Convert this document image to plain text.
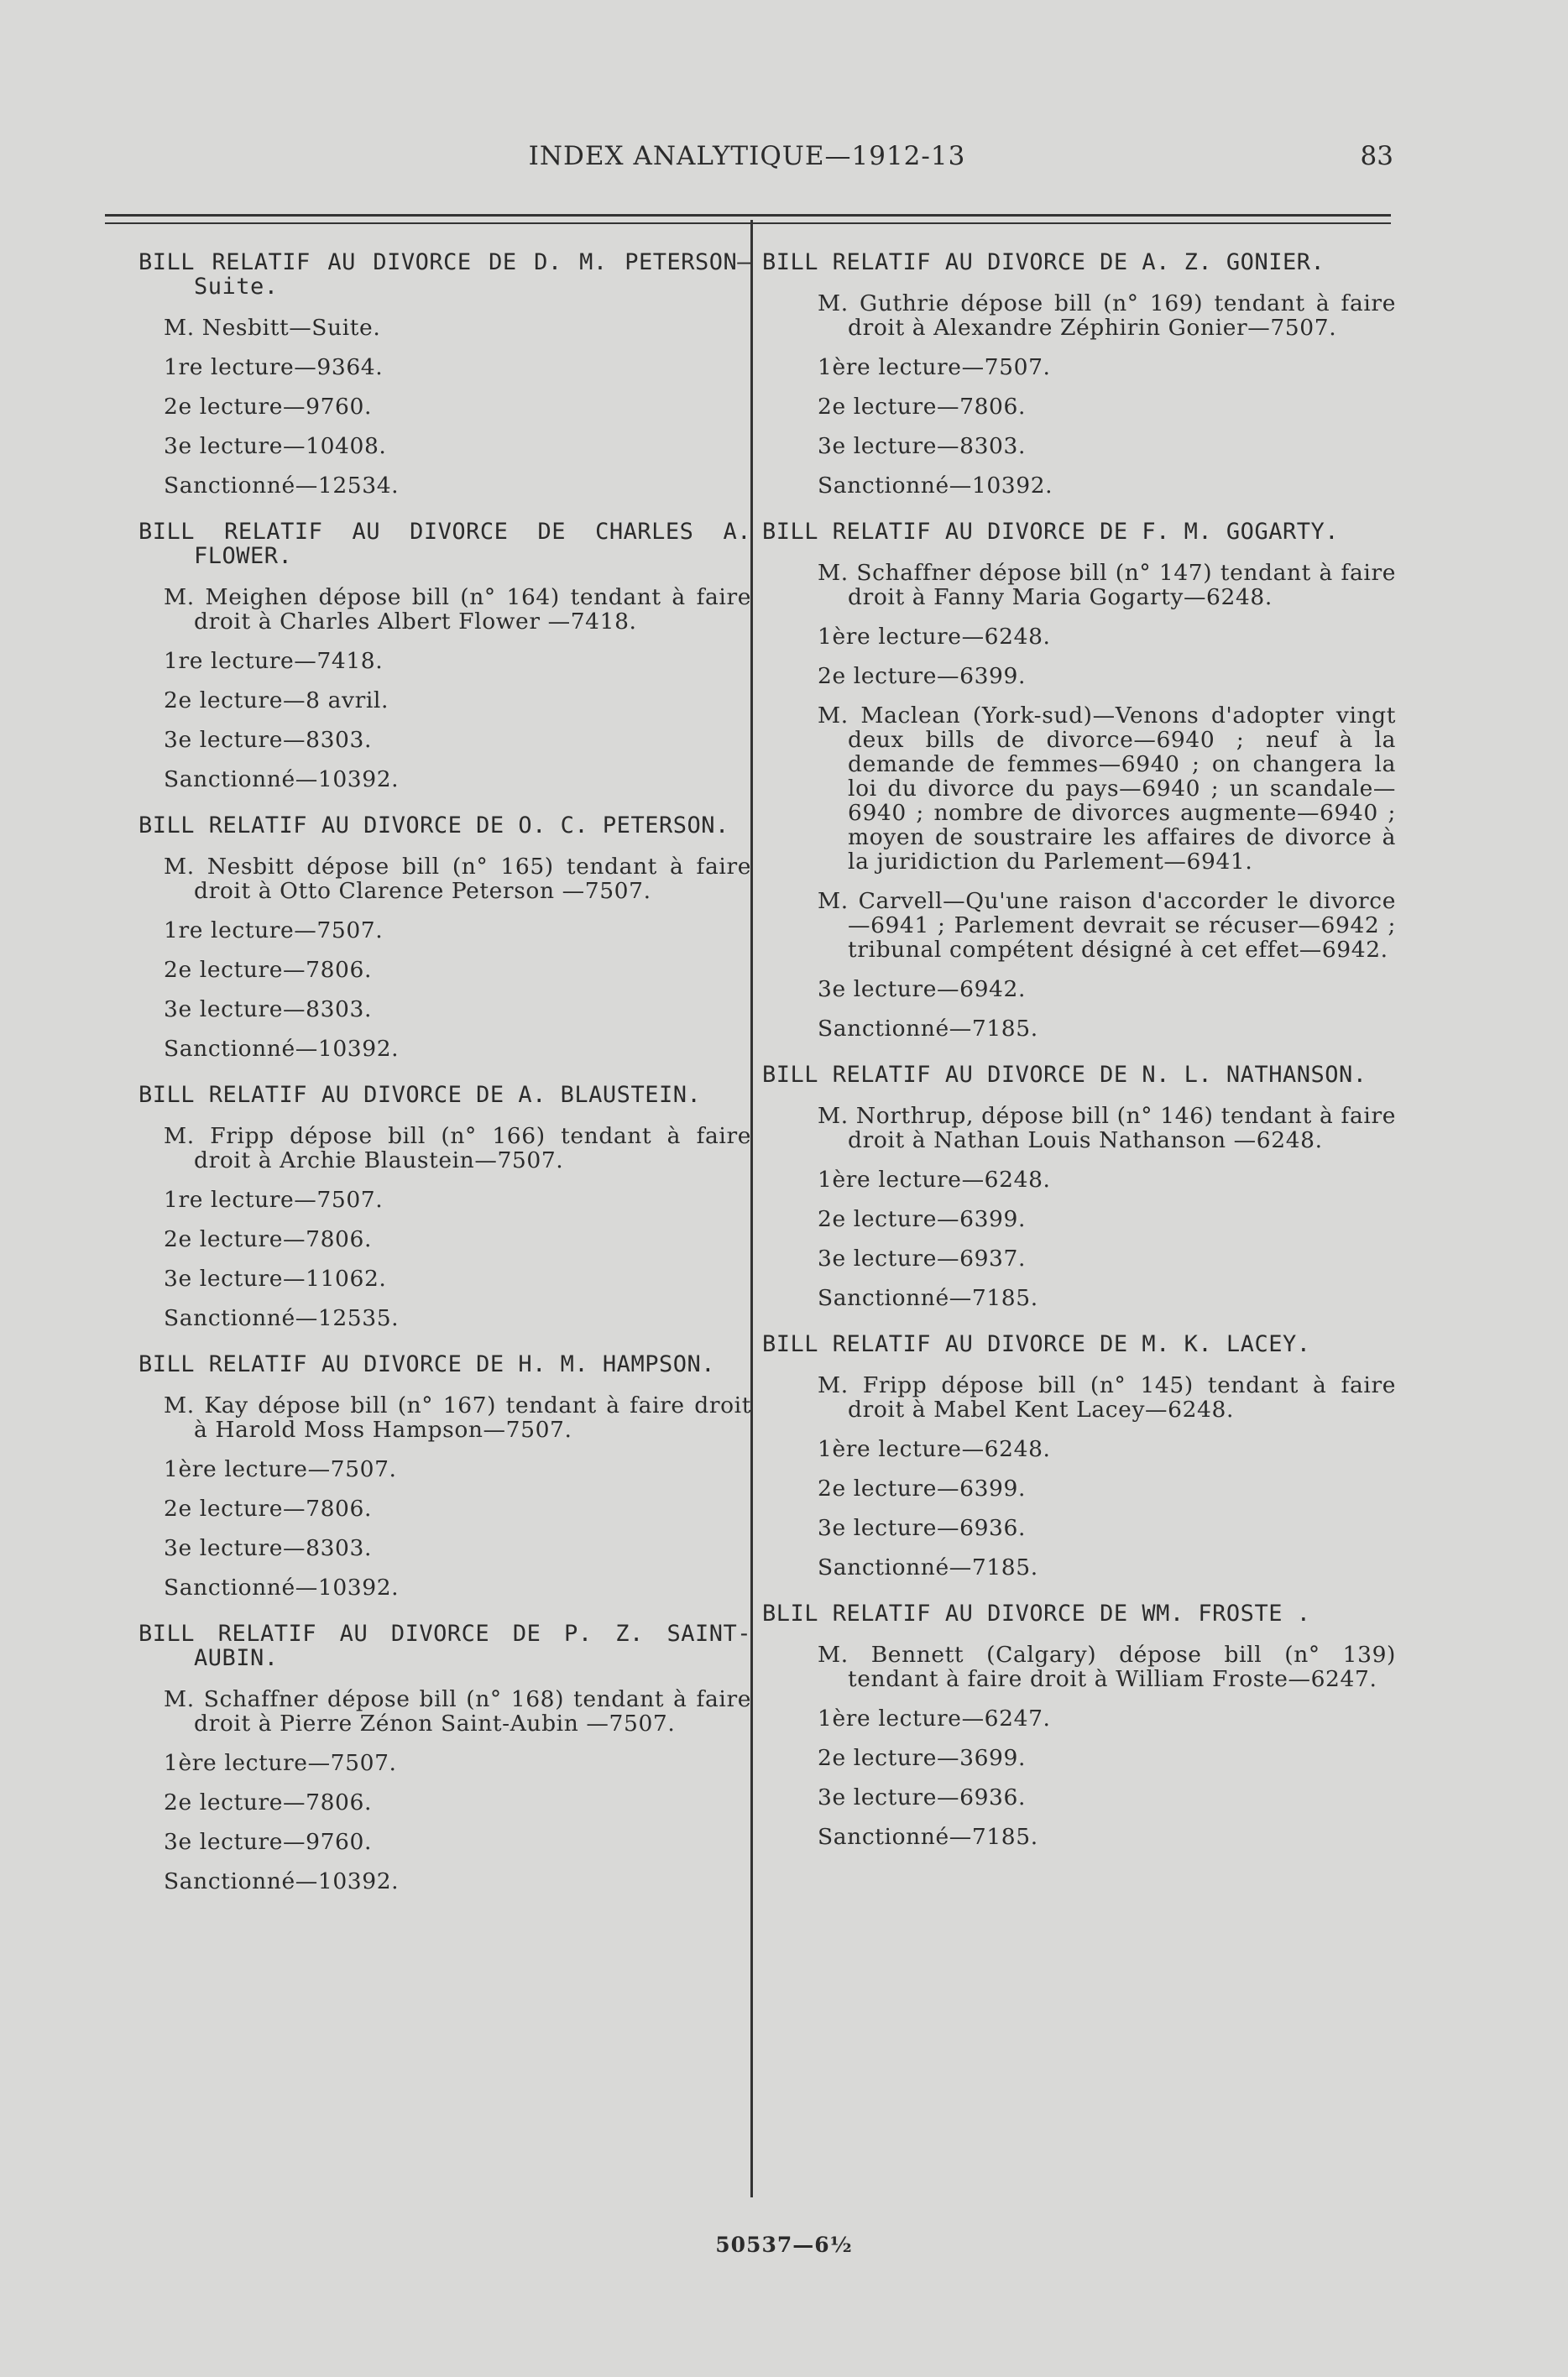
INDEX ANALYTIQUE—1912-13	83
BILL RELATIF AU DIVORCE DE D. M. PETERSON—Suite.
M. Nesbitt—Suite.
1re lecture—9364.
2e lecture—9760.
3e lecture—10408.
Sanctionné—12534.
BILL RELATIF AU DIVORCE DE CHARLES A. FLOWER.
M. Meighen dépose bill (n° 164) tendant à faire droit à Charles Albert Flower —7418.
1re lecture—7418.
2e lecture—8 avril.
3e lecture—8303.
Sanctionné—10392.
BILL RELATIF AU DIVORCE DE O. C. PETERSON.
M. Nesbitt dépose bill (n° 165) tendant à faire droit à Otto Clarence Peterson —7507.
1re lecture—7507.
2e lecture—7806.
3e lecture—8303.
Sanctionné—10392.
BILL RELATIF AU DIVORCE DE A. BLAUSTEIN.
M. Fripp dépose bill (n° 166) tendant à faire droit à Archie Blaustein—7507.
1re lecture—7507.
2e lecture—7806.
3e lecture—11062.
Sanctionné—12535.
BILL RELATIF AU DIVORCE DE H. M. HAMPSON.
M. Kay dépose bill (n° 167) tendant à faire droit à Harold Moss Hampson—7507.
1ère lecture—7507.
2e lecture—7806.
3e lecture—8303.
Sanctionné—10392.
BILL RELATIF AU DIVORCE DE P. Z. SAINT-AUBIN.
M. Schaffner dépose bill (n° 168) tendant à faire droit à Pierre Zénon Saint-Aubin —7507.
1ère lecture—7507.
2e lecture—7806.
3e lecture—9760.
Sanctionné—10392.
BILL RELATIF AU DIVORCE DE A. Z. GONIER.
M. Guthrie dépose bill (n° 169) tendant à faire droit à Alexandre Zéphirin Gonier—7507.
1ère lecture—7507.
2e lecture—7806.
3e lecture—8303.
Sanctionné—10392.
BILL RELATIF AU DIVORCE DE F. M. GOGARTY.
M. Schaffner dépose bill (n° 147) tendant à faire droit à Fanny Maria Gogarty—6248.
1ère lecture—6248.
2e lecture—6399.
M. Maclean (York-sud)—Venons d'adopter vingt deux bills de divorce—6940 ; neuf à la demande de femmes—6940 ; on changera la loi du divorce du pays—6940 ; un scandale—6940 ; nombre de divorces augmente—6940 ; moyen de soustraire les affaires de divorce à la juridiction du Parlement—6941.
M. Carvell—Qu'une raison d'accorder le divorce—6941 ; Parlement devrait se récuser—6942 ; tribunal compétent désigné à cet effet—6942.
3e lecture—6942.
Sanctionné—7185.
BILL RELATIF AU DIVORCE DE N. L. NATHANSON.
M. Northrup, dépose bill (n° 146) tendant à faire droit à Nathan Louis Nathanson —6248.
1ère lecture—6248.
2e lecture—6399.
3e lecture—6937.
Sanctionné—7185.
BILL RELATIF AU DIVORCE DE M. K. LACEY.
M. Fripp dépose bill (n° 145) tendant à faire droit à Mabel Kent Lacey—6248.
1ère lecture—6248.
2e lecture—6399.
3e lecture—6936.
Sanctionné—7185.
BLIL RELATIF AU DIVORCE DE WM. FROSTE .
M. Bennett (Calgary) dépose bill (n° 139) tendant à faire droit à William Froste—6247.
1ère lecture—6247.
2e lecture—3699.
3e lecture—6936.
Sanctionné—7185.
50537—6½
